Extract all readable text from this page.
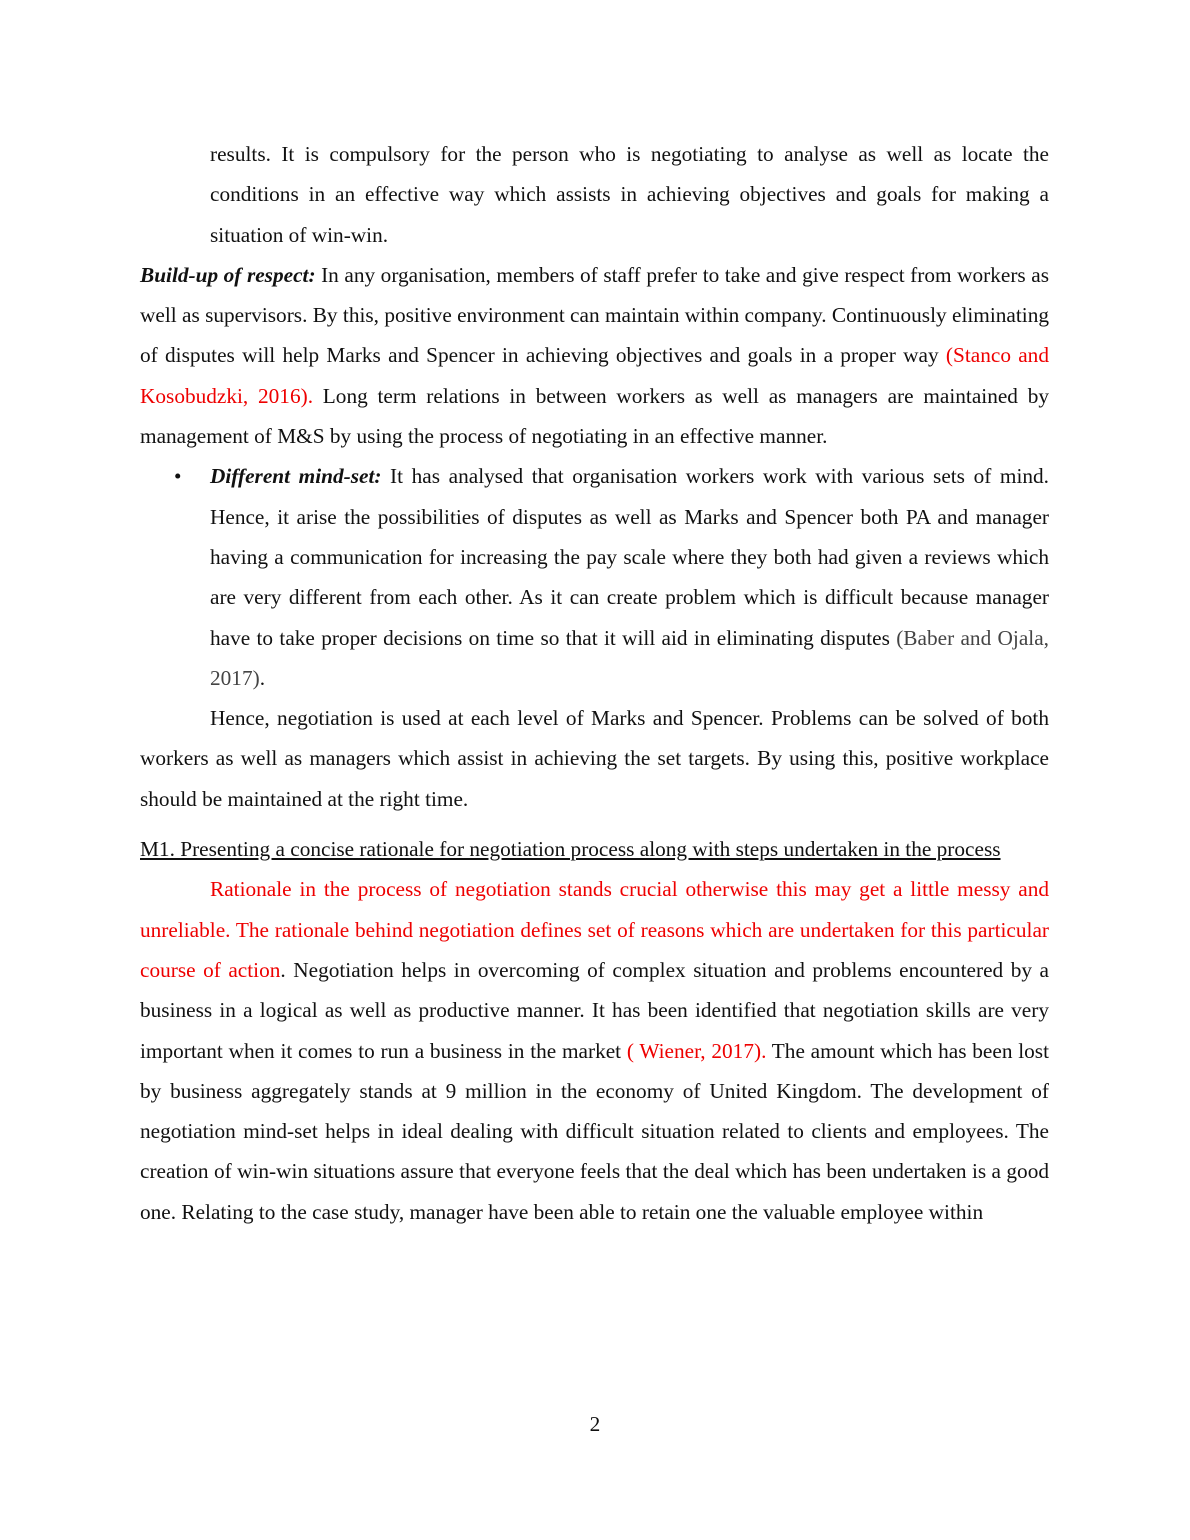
results. It is compulsory for the person who is negotiating to analyse as well as locate the conditions in an effective way which assists in achieving objectives and goals for making a situation of win-win.

Build-up of respect: In any organisation, members of staff prefer to take and give respect from workers as well as supervisors. By this, positive environment can maintain within company. Continuously eliminating of disputes will help Marks and Spencer in achieving objectives and goals in a proper way (Stanco and Kosobudzki, 2016). Long term relations in between workers as well as managers are maintained by management of M&S by using the process of negotiating in an effective manner.

• Different mind-set: It has analysed that organisation workers work with various sets of mind. Hence, it arise the possibilities of disputes as well as Marks and Spencer both PA and manager having a communication for increasing the pay scale where they both had given a reviews which are very different from each other. As it can create problem which is difficult because manager have to take proper decisions on time so that it will aid in eliminating disputes (Baber and Ojala, 2017).

Hence, negotiation is used at each level of Marks and Spencer. Problems can be solved of both workers as well as managers which assist in achieving the set targets. By using this, positive workplace should be maintained at the right time.

M1. Presenting a concise rationale for negotiation process along with steps undertaken in the process

Rationale in the process of negotiation stands crucial otherwise this may get a little messy and unreliable. The rationale behind negotiation defines set of reasons which are undertaken for this particular course of action. Negotiation helps in overcoming of complex situation and problems encountered by a business in a logical as well as productive manner. It has been identified that negotiation skills are very important when it comes to run a business in the market ( Wiener, 2017). The amount which has been lost by business aggregately stands at 9 million in the economy of United Kingdom. The development of negotiation mind-set helps in ideal dealing with difficult situation related to clients and employees. The creation of win-win situations assure that everyone feels that the deal which has been undertaken is a good one. Relating to the case study, manager have been able to retain one the valuable employee within

2
